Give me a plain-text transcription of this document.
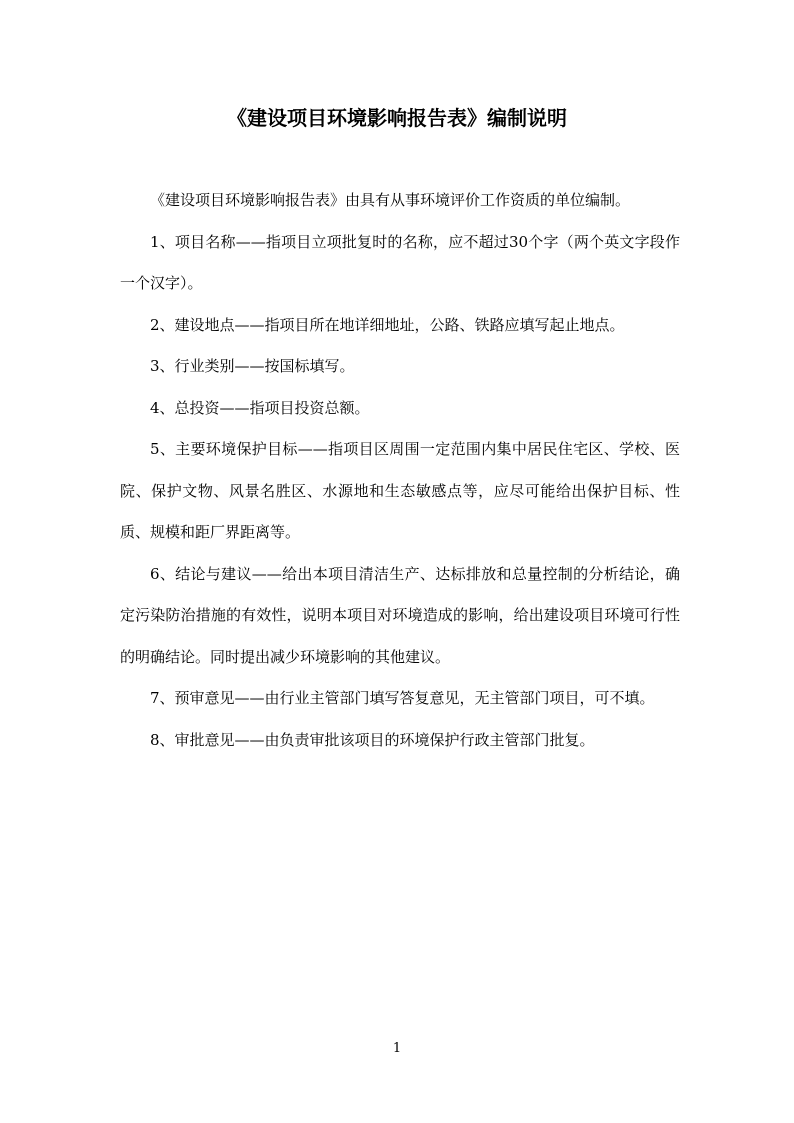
《建设项目环境影响报告表》编制说明

《建设项目环境影响报告表》由具有从事环境评价工作资质的单位编制。

1、项目名称——指项目立项批复时的名称，应不超过30个字（两个英文字段作一个汉字）。

2、建设地点——指项目所在地详细地址，公路、铁路应填写起止地点。

3、行业类别——按国标填写。

4、总投资——指项目投资总额。

5、主要环境保护目标——指项目区周围一定范围内集中居民住宅区、学校、医院、保护文物、风景名胜区、水源地和生态敏感点等，应尽可能给出保护目标、性质、规模和距厂界距离等。

6、结论与建议——给出本项目清洁生产、达标排放和总量控制的分析结论，确定污染防治措施的有效性，说明本项目对环境造成的影响，给出建设项目环境可行性的明确结论。同时提出减少环境影响的其他建议。

7、预审意见——由行业主管部门填写答复意见，无主管部门项目，可不填。

8、审批意见——由负责审批该项目的环境保护行政主管部门批复。

1
